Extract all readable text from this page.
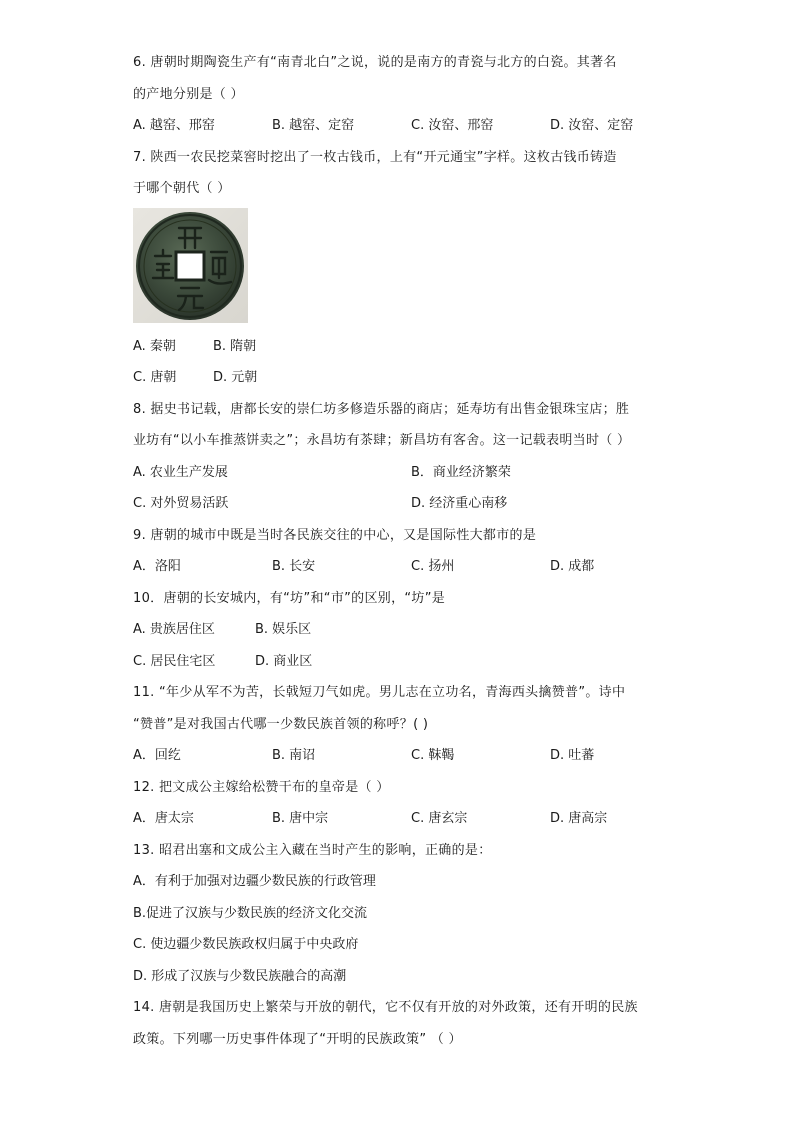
6. 唐朝时期陶瓷生产有“南青北白”之说，说的是南方的青瓷与北方的白瓷。其著名
的产地分别是（ ）
A. 越窑、邢窑	B. 越窑、定窑	C. 汝窑、邢窑	D. 汝窑、定窑
7. 陕西一农民挖菜窖时挖出了一枚古钱币，上有“开元通宝”字样。这枚古钱币铸造
于哪个朝代（ ）
A. 秦朝	B. 隋朝
C. 唐朝	D. 元朝
8. 据史书记载，唐都长安的崇仁坊多修造乐器的商店；延寿坊有出售金银珠宝店；胜
业坊有“以小车推蒸饼卖之”；永昌坊有茶肆；新昌坊有客舍。这一记载表明当时（ ）
A. 农业生产发展	B．商业经济繁荣
C. 对外贸易活跃	D. 经济重心南移
9. 唐朝的城市中既是当时各民族交往的中心，又是国际性大都市的是
A．洛阳	B. 长安	C. 扬州	D. 成都
10．唐朝的长安城内，有“坊”和“市”的区别，“坊”是
A. 贵族居住区	B. 娱乐区
C. 居民住宅区	D. 商业区
11. “年少从军不为苦，长戟短刀气如虎。男儿志在立功名，青海西头擒赞普”。诗中
“赞普”是对我国古代哪一少数民族首领的称呼？( )
A．回纥	B. 南诏	C. 靺鞨	D. 吐蕃
12. 把文成公主嫁给松赞干布的皇帝是（ ）
A．唐太宗	B. 唐中宗	C. 唐玄宗	D. 唐高宗
13. 昭君出塞和文成公主入藏在当时产生的影响，正确的是：
A．有利于加强对边疆少数民族的行政管理
B.促进了汉族与少数民族的经济文化交流
C. 使边疆少数民族政权归属于中央政府
D. 形成了汉族与少数民族融合的高潮
14. 唐朝是我国历史上繁荣与开放的朝代，它不仅有开放的对外政策，还有开明的民族
政策。下列哪一历史事件体现了“开明的民族政策” （ ）
